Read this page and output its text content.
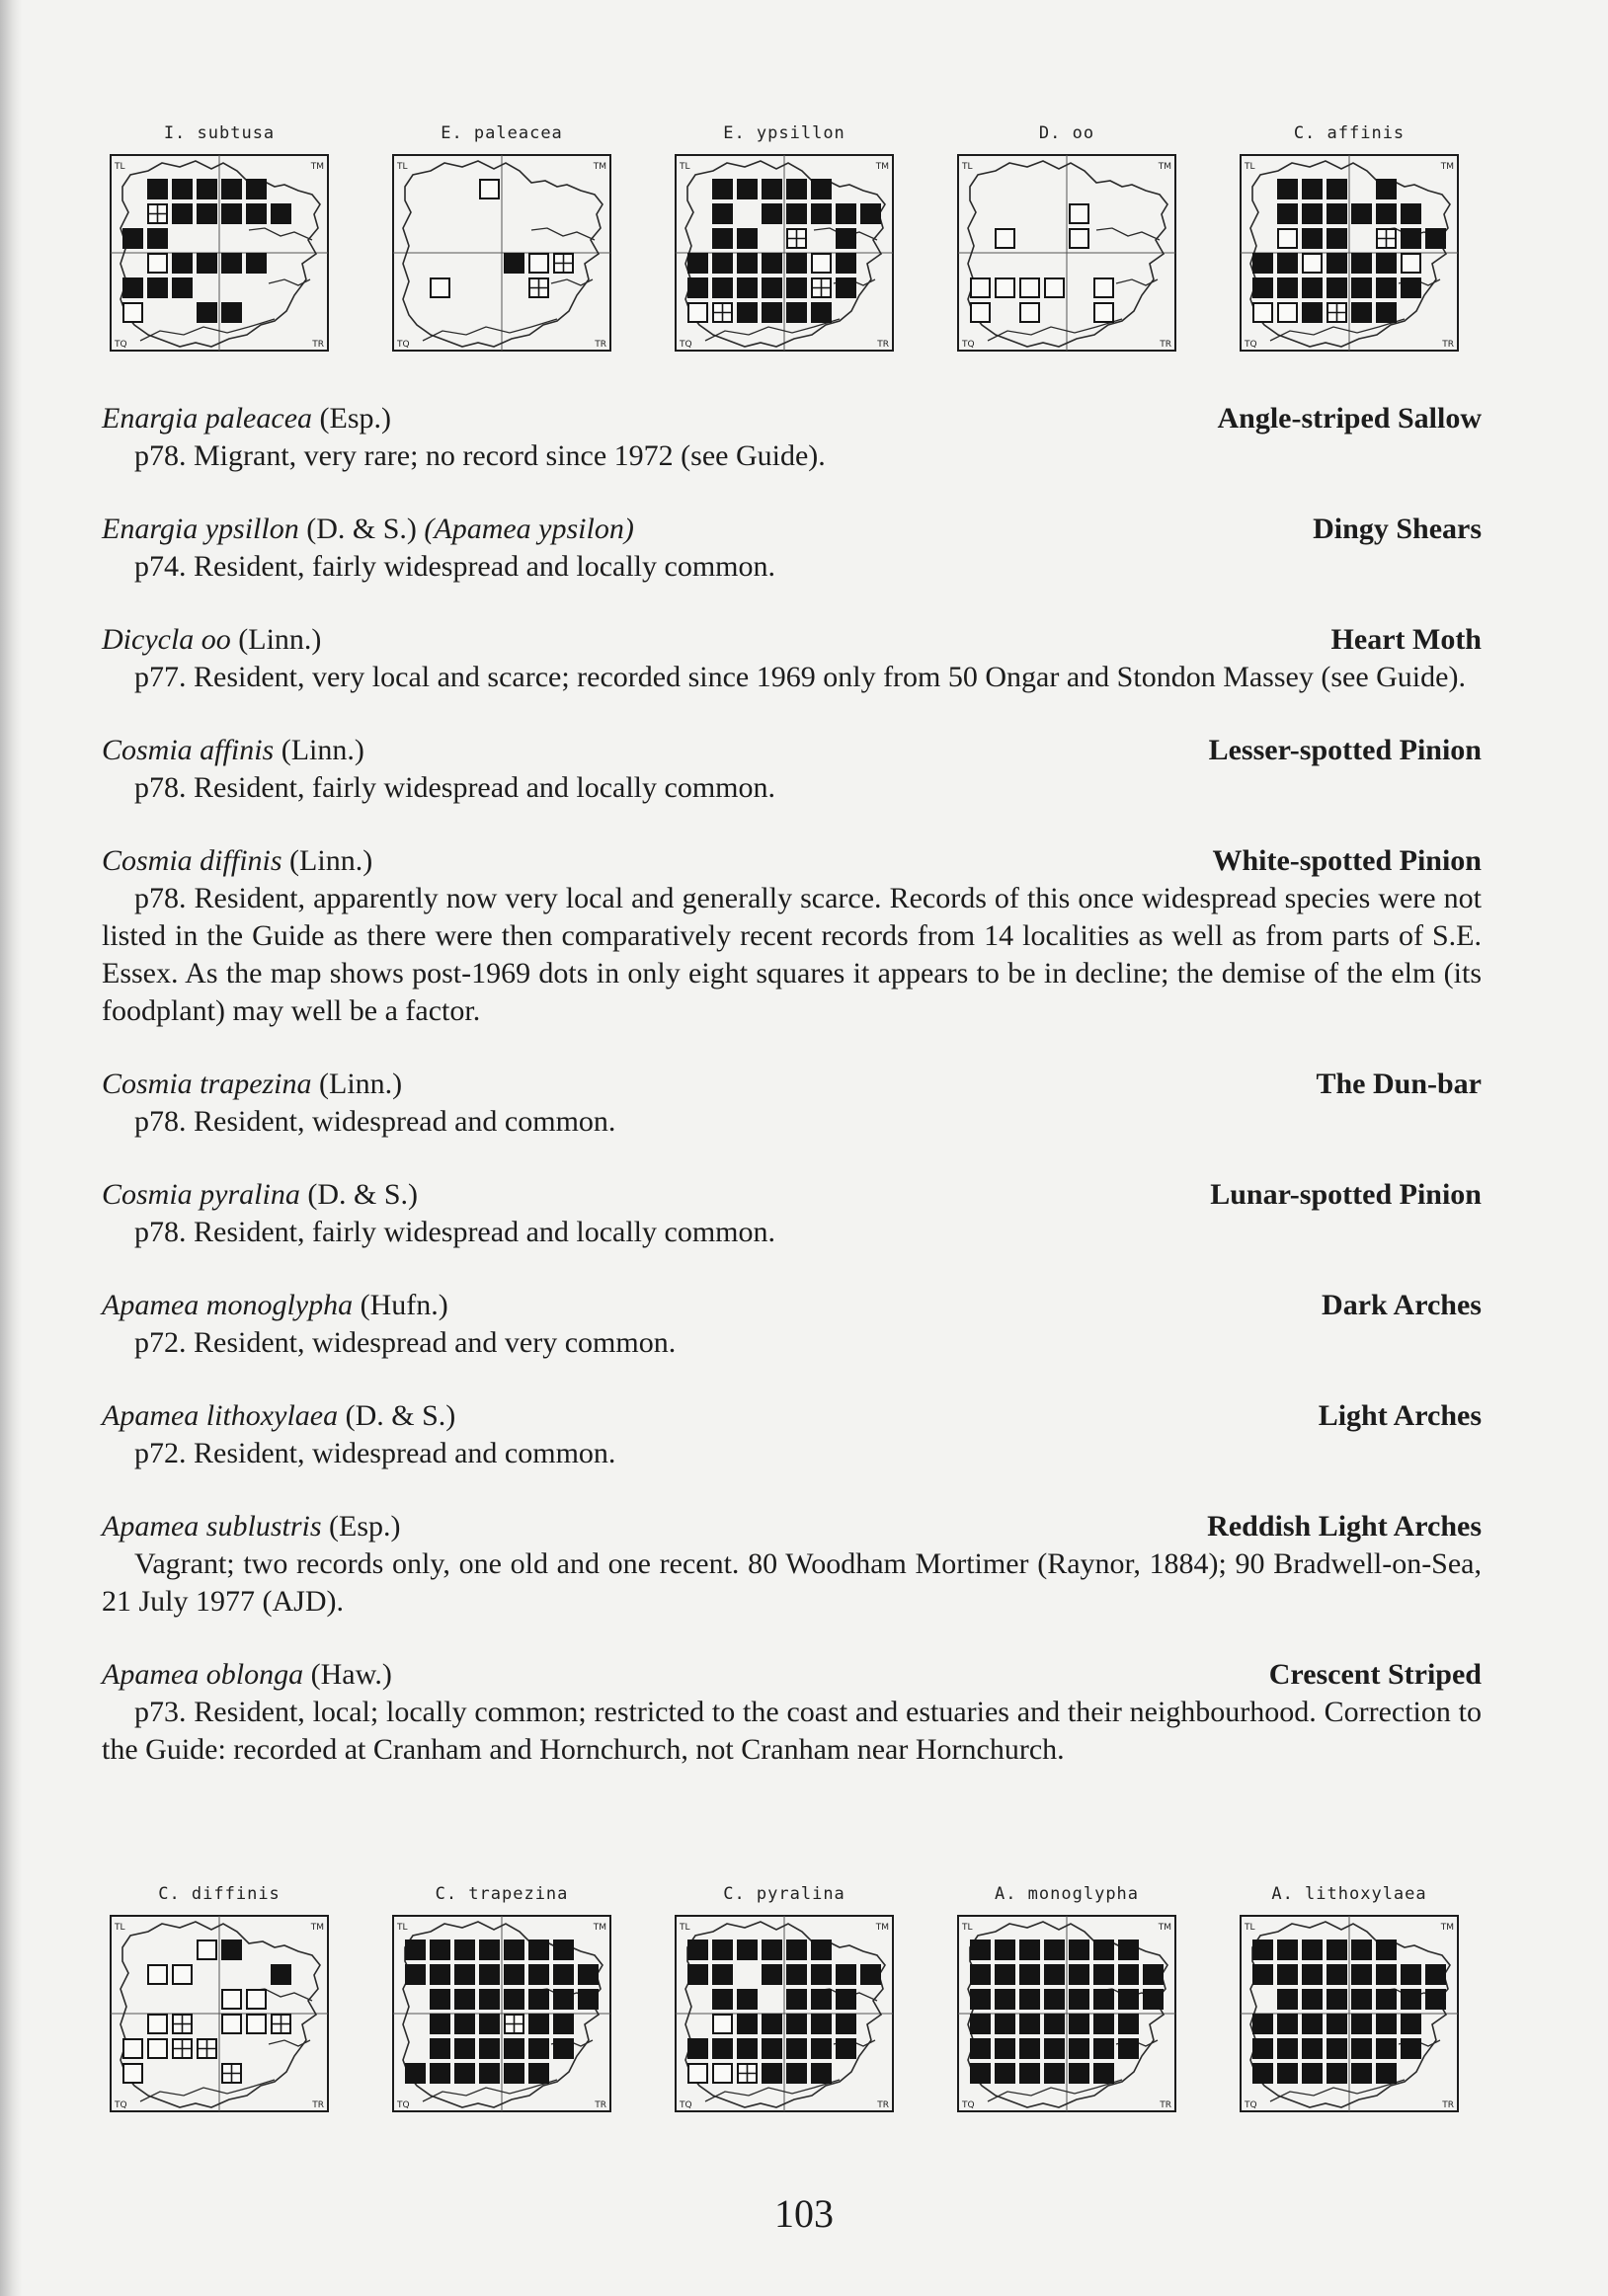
I. subtusa
TL	TM
TQ	TR
E. paleacea
TL	TM
TQ	TR
E. ypsillon
TL	TM
TQ	TR
D. oo
TL	TM
TQ	TR
C. affinis
TL	TM
TQ	TR
Enargia paleacea (Esp.)	Angle-striped Sallow
p78. Migrant, very rare; no record since 1972 (see Guide).
Enargia ypsillon (D. & S.) (Apamea ypsilon)	Dingy Shears
p74. Resident, fairly widespread and locally common.
Dicycla oo (Linn.)	Heart Moth
p77. Resident, very local and scarce; recorded since 1969 only from 50 Ongar and Stondon Massey (see Guide).
Cosmia affinis (Linn.)	Lesser-spotted Pinion
p78. Resident, fairly widespread and locally common.
Cosmia diffinis (Linn.)	White-spotted Pinion
p78. Resident, apparently now very local and generally scarce. Records of this once widespread species were not listed in the Guide as there were then comparatively recent records from 14 localities as well as from parts of S.E. Essex. As the map shows post-1969 dots in only eight squares it appears to be in decline; the demise of the elm (its foodplant) may well be a factor.
Cosmia trapezina (Linn.)	The Dun-bar
p78. Resident, widespread and common.
Cosmia pyralina (D. & S.)	Lunar-spotted Pinion
p78. Resident, fairly widespread and locally common.
Apamea monoglypha (Hufn.)	Dark Arches
p72. Resident, widespread and very common.
Apamea lithoxylaea (D. & S.)	Light Arches
p72. Resident, widespread and common.
Apamea sublustris (Esp.)	Reddish Light Arches
Vagrant; two records only, one old and one recent. 80 Woodham Mortimer (Raynor, 1884); 90 Bradwell-on-Sea, 21 July 1977 (AJD).
Apamea oblonga (Haw.)	Crescent Striped
p73. Resident, local; locally common; restricted to the coast and estuaries and their neighbourhood. Correction to the Guide: recorded at Cranham and Hornchurch, not Cranham near Hornchurch.
C. diffinis
TL	TM
TQ	TR
C. trapezina
TL	TM
TQ	TR
C. pyralina
TL	TM
TQ	TR
A. monoglypha
TL	TM
TQ	TR
A. lithoxylaea
TL	TM
TQ	TR
103
